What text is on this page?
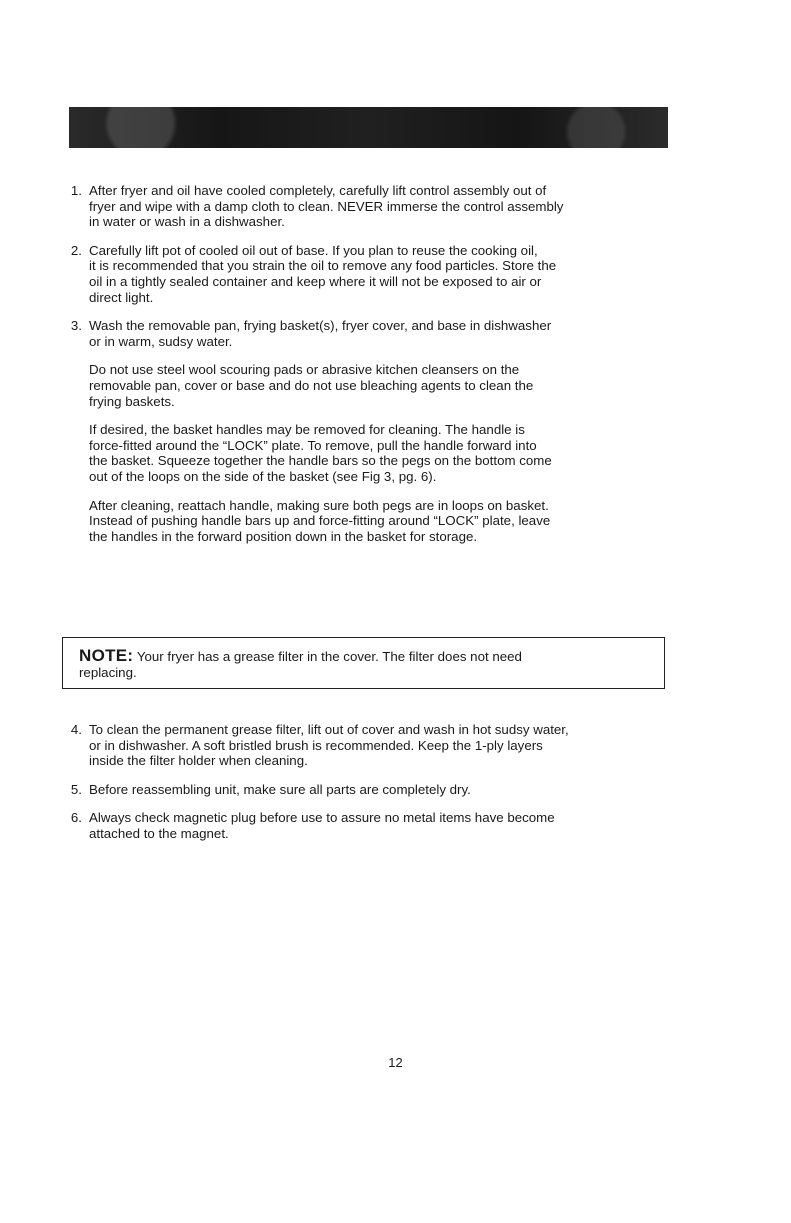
1. After fryer and oil have cooled completely, carefully lift control assembly out of
fryer and wipe with a damp cloth to clean. NEVER immerse the control assembly
in water or wash in a dishwasher.

2. Carefully lift pot of cooled oil out of base. If you plan to reuse the cooking oil,
it is recommended that you strain the oil to remove any food particles. Store the
oil in a tightly sealed container and keep where it will not be exposed to air or
direct light.

3. Wash the removable pan, frying basket(s), fryer cover, and base in dishwasher
or in warm, sudsy water.

Do not use steel wool scouring pads or abrasive kitchen cleansers on the
removable pan, cover or base and do not use bleaching agents to clean the
frying baskets.

If desired, the basket handles may be removed for cleaning. The handle is
force-fitted around the “LOCK” plate. To remove, pull the handle forward into
the basket. Squeeze together the handle bars so the pegs on the bottom come
out of the loops on the side of the basket (see Fig 3, pg. 6).

After cleaning, reattach handle, making sure both pegs are in loops on basket.
Instead of pushing handle bars up and force-fitting around “LOCK” plate, leave
the handles in the forward position down in the basket for storage.

NOTE: Your fryer has a grease filter in the cover. The filter does not need
replacing.

4. To clean the permanent grease filter, lift out of cover and wash in hot sudsy water,
or in dishwasher. A soft bristled brush is recommended. Keep the 1-ply layers
inside the filter holder when cleaning.

5. Before reassembling unit, make sure all parts are completely dry.

6. Always check magnetic plug before use to assure no metal items have become
attached to the magnet.

12
